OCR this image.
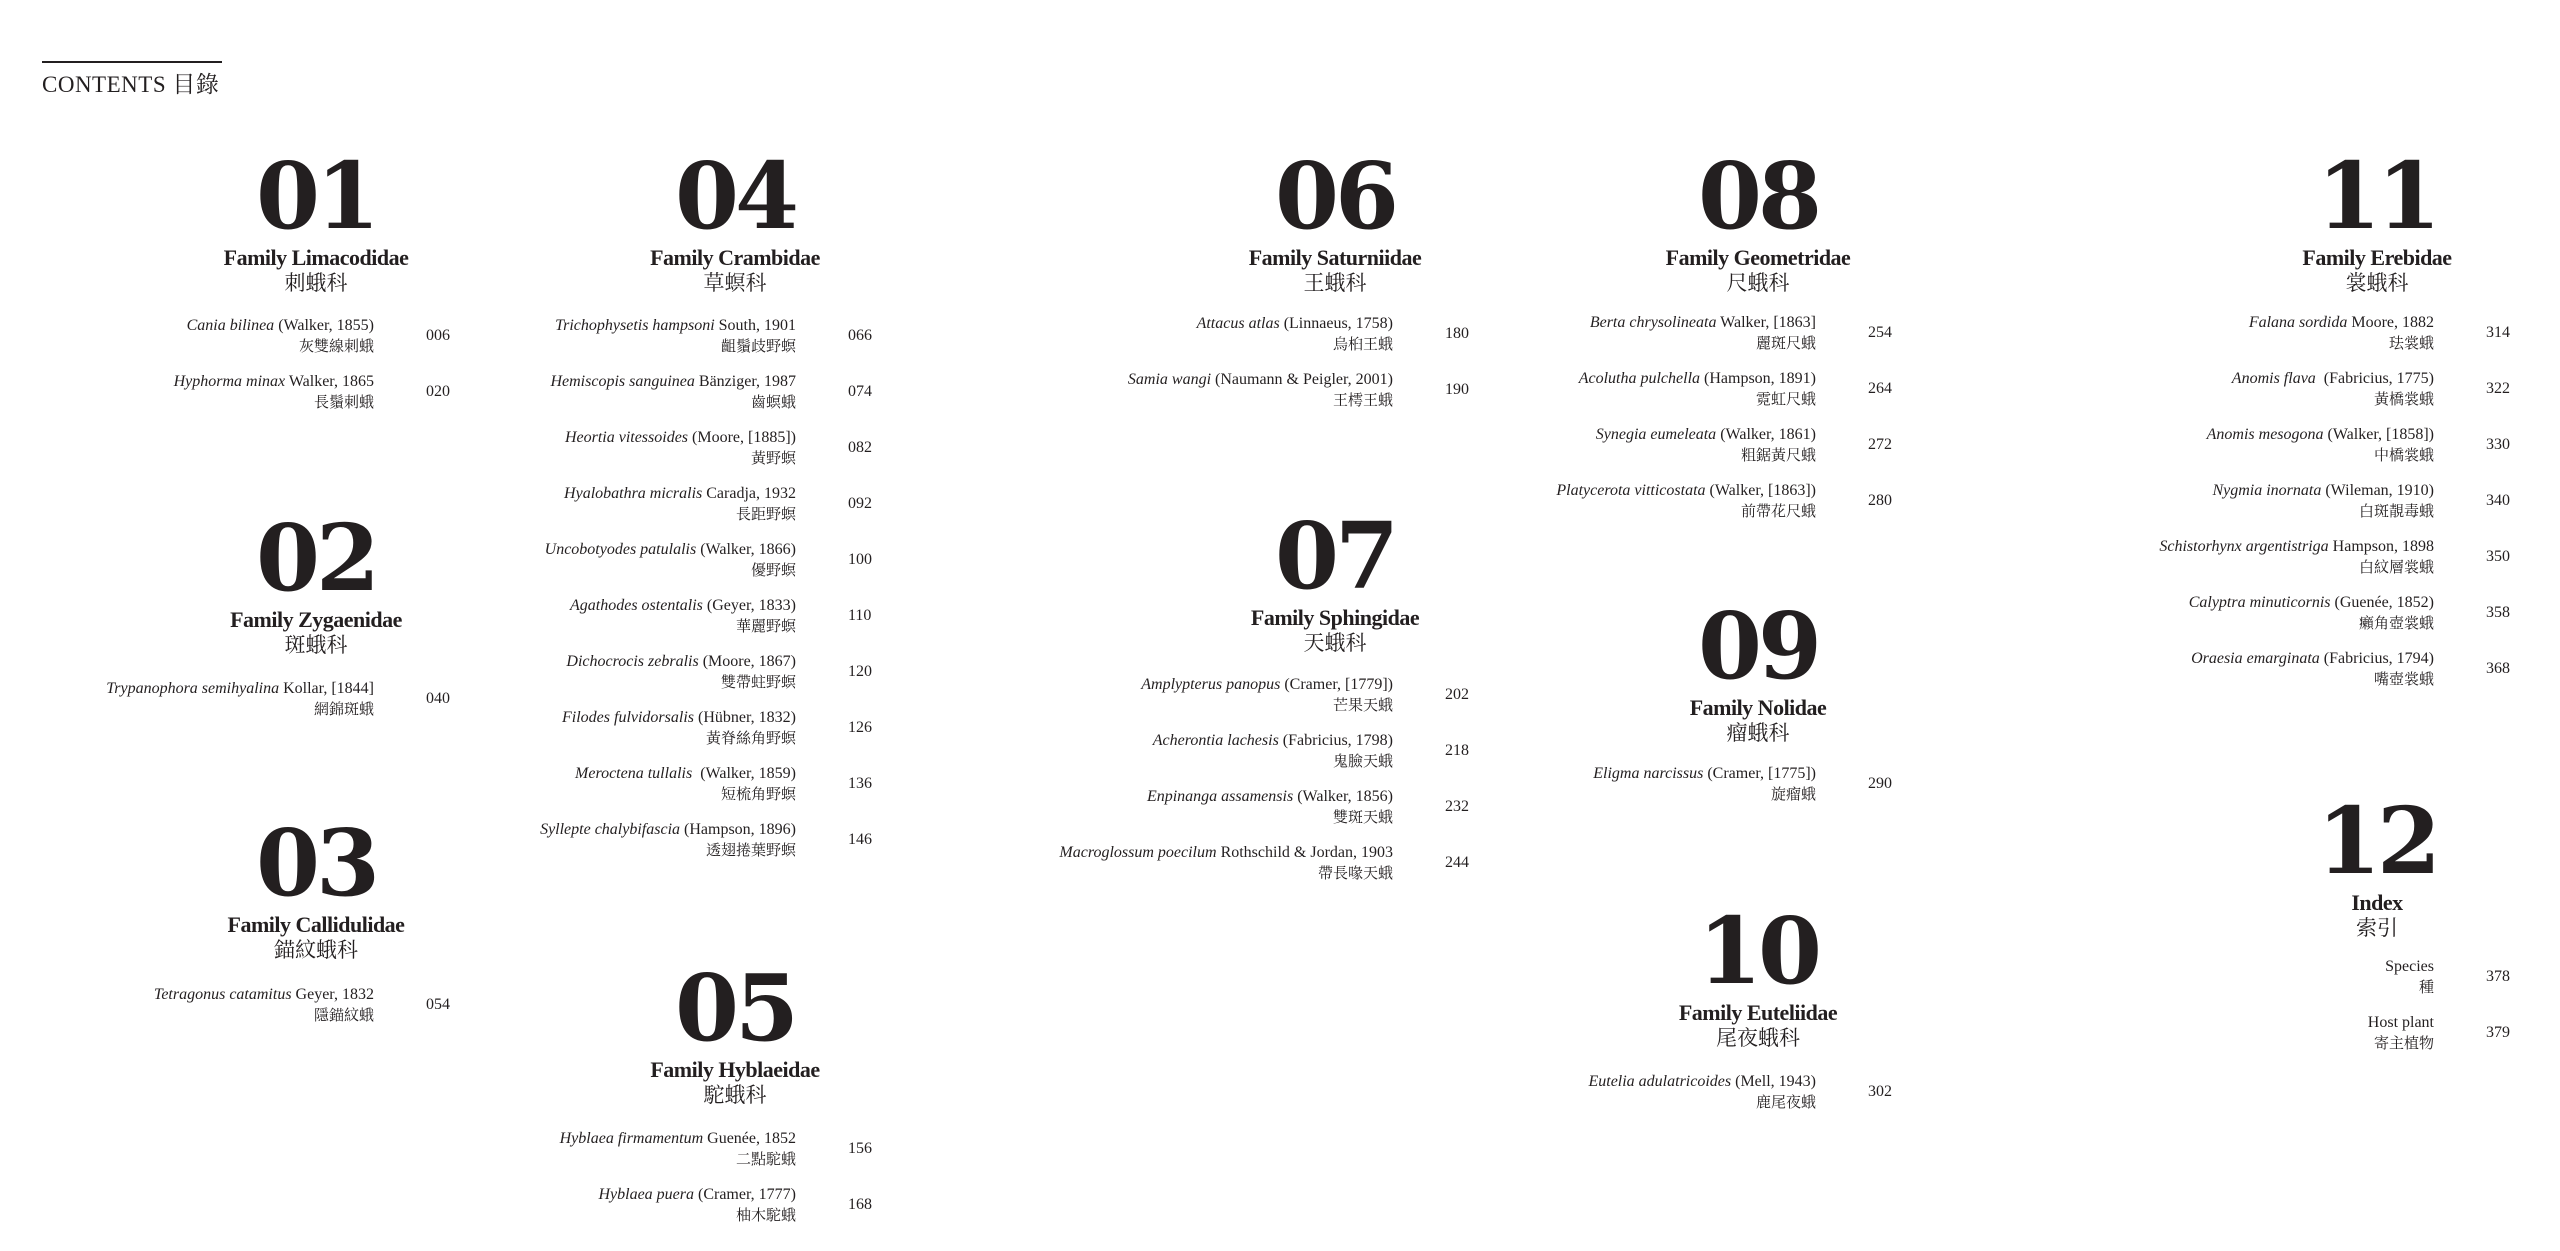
CONTENTS 目錄
01
Family Limacodidae
刺蛾科
Cania bilinea (Walker, 1855)
灰雙線刺蛾
006
Hyphorma minax Walker, 1865
長鬚刺蛾
020
02
Family Zygaenidae
斑蛾科
Trypanophora semihyalina Kollar, [1844]
網錦斑蛾
040
03
Family Callidulidae
錨紋蛾科
Tetragonus catamitus Geyer, 1832
隱錨紋蛾
054
04
Family Crambidae
草螟科
Trichophysetis hampsoni South, 1901
齟鬚歧野螟
066
Hemiscopis sanguinea Bänziger, 1987
齒螟蛾
074
Heortia vitessoides (Moore, [1885])
黃野螟
082
Hyalobathra micralis Caradja, 1932
長距野螟
092
Uncobotyodes patulalis (Walker, 1866)
優野螟
100
Agathodes ostentalis (Geyer, 1833)
華麗野螟
110
Dichocrocis zebralis (Moore, 1867)
雙帶蛀野螟
120
Filodes fulvidorsalis (Hübner, 1832)
黃脊絲角野螟
126
Meroctena tullalis  (Walker, 1859)
短梳角野螟
136
Syllepte chalybifascia (Hampson, 1896)
透翅捲葉野螟
146
05
Family Hyblaeidae
駝蛾科
Hyblaea firmamentum Guenée, 1852
二點駝蛾
156
Hyblaea puera (Cramer, 1777)
柚木駝蛾
168
06
Family Saturniidae
王蛾科
Attacus atlas (Linnaeus, 1758)
烏桕王蛾
180
Samia wangi (Naumann & Peigler, 2001)
王樗王蛾
190
07
Family Sphingidae
天蛾科
Amplypterus panopus (Cramer, [1779])
芒果天蛾
202
Acherontia lachesis (Fabricius, 1798)
鬼臉天蛾
218
Enpinanga assamensis (Walker, 1856)
雙斑天蛾
232
Macroglossum poecilum Rothschild & Jordan, 1903
帶長喙天蛾
244
08
Family Geometridae
尺蛾科
Berta chrysolineata Walker, [1863]
麗斑尺蛾
254
Acolutha pulchella (Hampson, 1891)
霓虹尺蛾
264
Synegia eumeleata (Walker, 1861)
粗鋸黃尺蛾
272
Platycerota vitticostata (Walker, [1863])
前帶花尺蛾
280
09
Family Nolidae
瘤蛾科
Eligma narcissus (Cramer, [1775])
旋瘤蛾
290
10
Family Euteliidae
尾夜蛾科
Eutelia adulatricoides (Mell, 1943)
鹿尾夜蛾
302
11
Family Erebidae
裳蛾科
Falana sordida Moore, 1882
珐裳蛾
314
Anomis flava  (Fabricius, 1775)
黃橋裳蛾
322
Anomis mesogona (Walker, [1858])
中橋裳蛾
330
Nygmia inornata (Wileman, 1910)
白斑靚毒蛾
340
Schistorhynx argentistriga Hampson, 1898
白紋層裳蛾
350
Calyptra minuticornis (Guenée, 1852)
癩角壺裳蛾
358
Oraesia emarginata (Fabricius, 1794)
嘴壺裳蛾
368
12
Index
索引
Species
種
378
Host plant
寄主植物
379
